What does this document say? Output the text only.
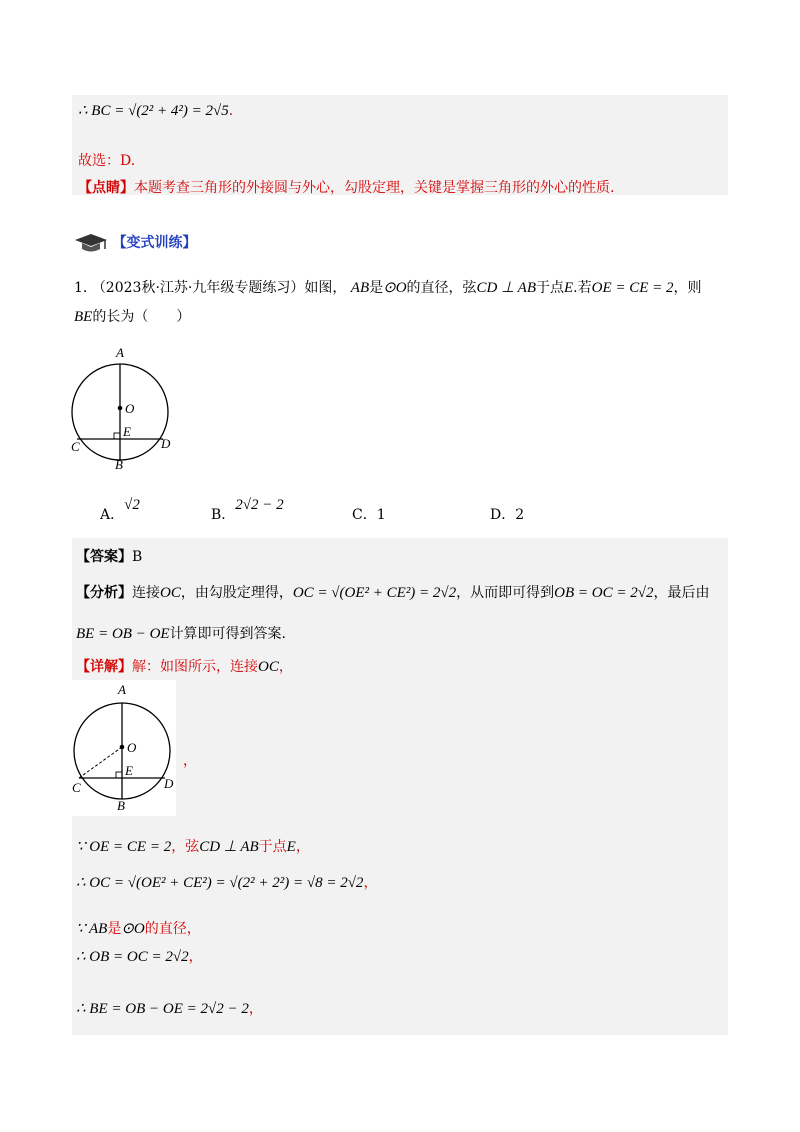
∴ BC = √(2² + 4²) = 2√5.
故选：D.
【点睛】本题考查三角形的外接圆与外心，勾股定理，关键是掌握三角形的外心的性质.
【变式训练】
1. （2023秋·江苏·九年级专题练习）如图， AB是⊙O的直径，弦CD ⊥ AB于点E.若OE = CE = 2，则
BE的长为（　　）
A
O
E
C	D
B
A．√2
B．2√2 − 2
C．1	D．2
【答案】B
【分析】连接OC，由勾股定理得，OC = √(OE² + CE²) = 2√2，从而即可得到OB = OC = 2√2，最后由
BE = OB − OE计算即可得到答案.
【详解】解：如图所示，连接OC，
A
O
E
C	D
B
，
∵ OE = CE = 2，弦CD ⊥ AB于点E，
∴ OC = √(OE² + CE²) = √(2² + 2²) = √8 = 2√2，
∵ AB是⊙O的直径，
∴ OB = OC = 2√2，
∴ BE = OB − OE = 2√2 − 2，
